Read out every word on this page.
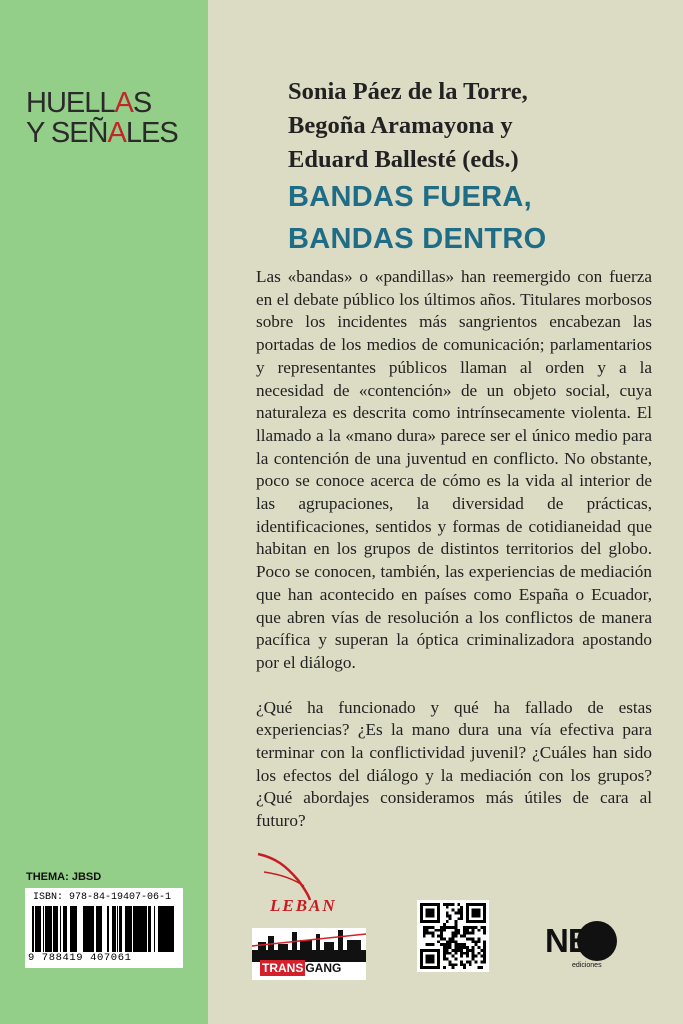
HUELLAS
Y SEÑALES
THEMA: JBSD
ISBN: 978-84-19407-06-1
9 788419 407061
Sonia Páez de la Torre,
Begoña Aramayona y
Eduard Ballesté (eds.)
BANDAS FUERA,
BANDAS DENTRO

Las «bandas» o «pandillas» han reemergido con fuerza en el debate público los últimos años. Titulares morbosos sobre los incidentes más sangrientos encabezan las portadas de los medios de comunicación; parlamentarios y representantes públicos llaman al orden y a la necesidad de «contención» de un objeto social, cuya naturaleza es descrita como intrínsecamente violenta. El llamado a la «mano dura» parece ser el único medio para la contención de una juventud en conflicto. No obstante, poco se conoce acerca de cómo es la vida al interior de las agrupaciones, la diversidad de prácticas, identificaciones, sentidos y formas de cotidianeidad que habitan en los grupos de distintos territorios del globo. Poco se conocen, también, las experiencias de mediación que han acontecido en países como España o Ecuador, que abren vías de resolución a los conflictos de manera pacífica y superan la óptica criminalizadora apostando por el diálogo.

¿Qué ha funcionado y qué ha fallado de estas experiencias? ¿Es la mano dura una vía efectiva para terminar con la conflictividad juvenil? ¿Cuáles han sido los efectos del diálogo y la mediación con los grupos? ¿Qué abordajes consideramos más útiles de cara al futuro?

LEBAN
TRANS GANG
NED
ediciones
